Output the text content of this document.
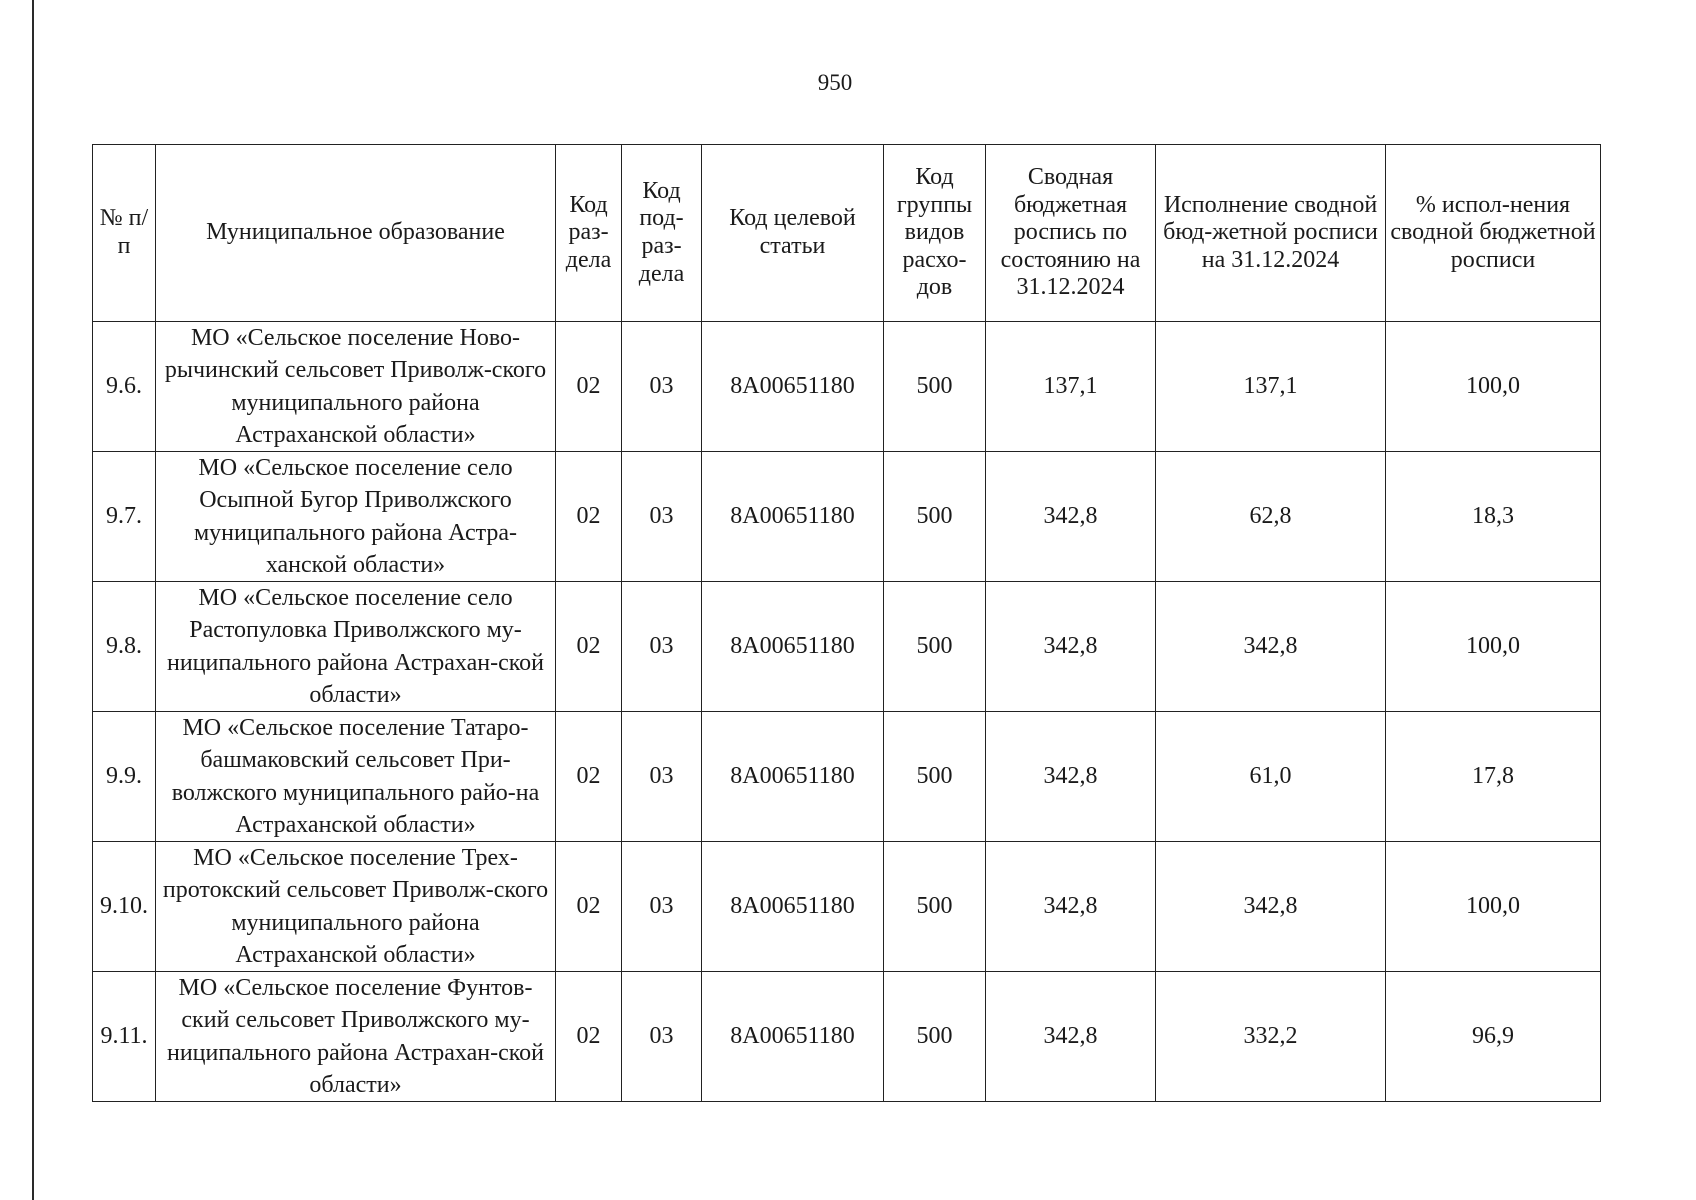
950
№ п/п	Муниципальное образование	Код раз-дела	Код под-раз-дела	Код целевой статьи	Код группы видов расхо-дов	Сводная бюджетная роспись по состоянию на 31.12.2024	Исполнение сводной бюд-жетной росписи на 31.12.2024	% испол-нения сводной бюджетной росписи
9.6.	МО «Сельское поселение Ново-рычинский сельсовет Приволж-ского муниципального района Астраханской области»	02	03	8А00651180	500	137,1	137,1	100,0
9.7.	МО «Сельское поселение село Осыпной Бугор Приволжского муниципального района Астра-ханской области»	02	03	8А00651180	500	342,8	62,8	18,3
9.8.	МО «Сельское поселение село Растопуловка Приволжского му-ниципального района Астрахан-ской области»	02	03	8А00651180	500	342,8	342,8	100,0
9.9.	МО «Сельское поселение Татаро-башмаковский сельсовет При-волжского муниципального райо-на Астраханской области»	02	03	8А00651180	500	342,8	61,0	17,8
9.10.	МО «Сельское поселение Трех-протокский сельсовет Приволж-ского муниципального района Астраханской области»	02	03	8А00651180	500	342,8	342,8	100,0
9.11.	МО «Сельское поселение Фунтов-ский сельсовет Приволжского му-ниципального района Астрахан-ской области»	02	03	8А00651180	500	342,8	332,2	96,9
